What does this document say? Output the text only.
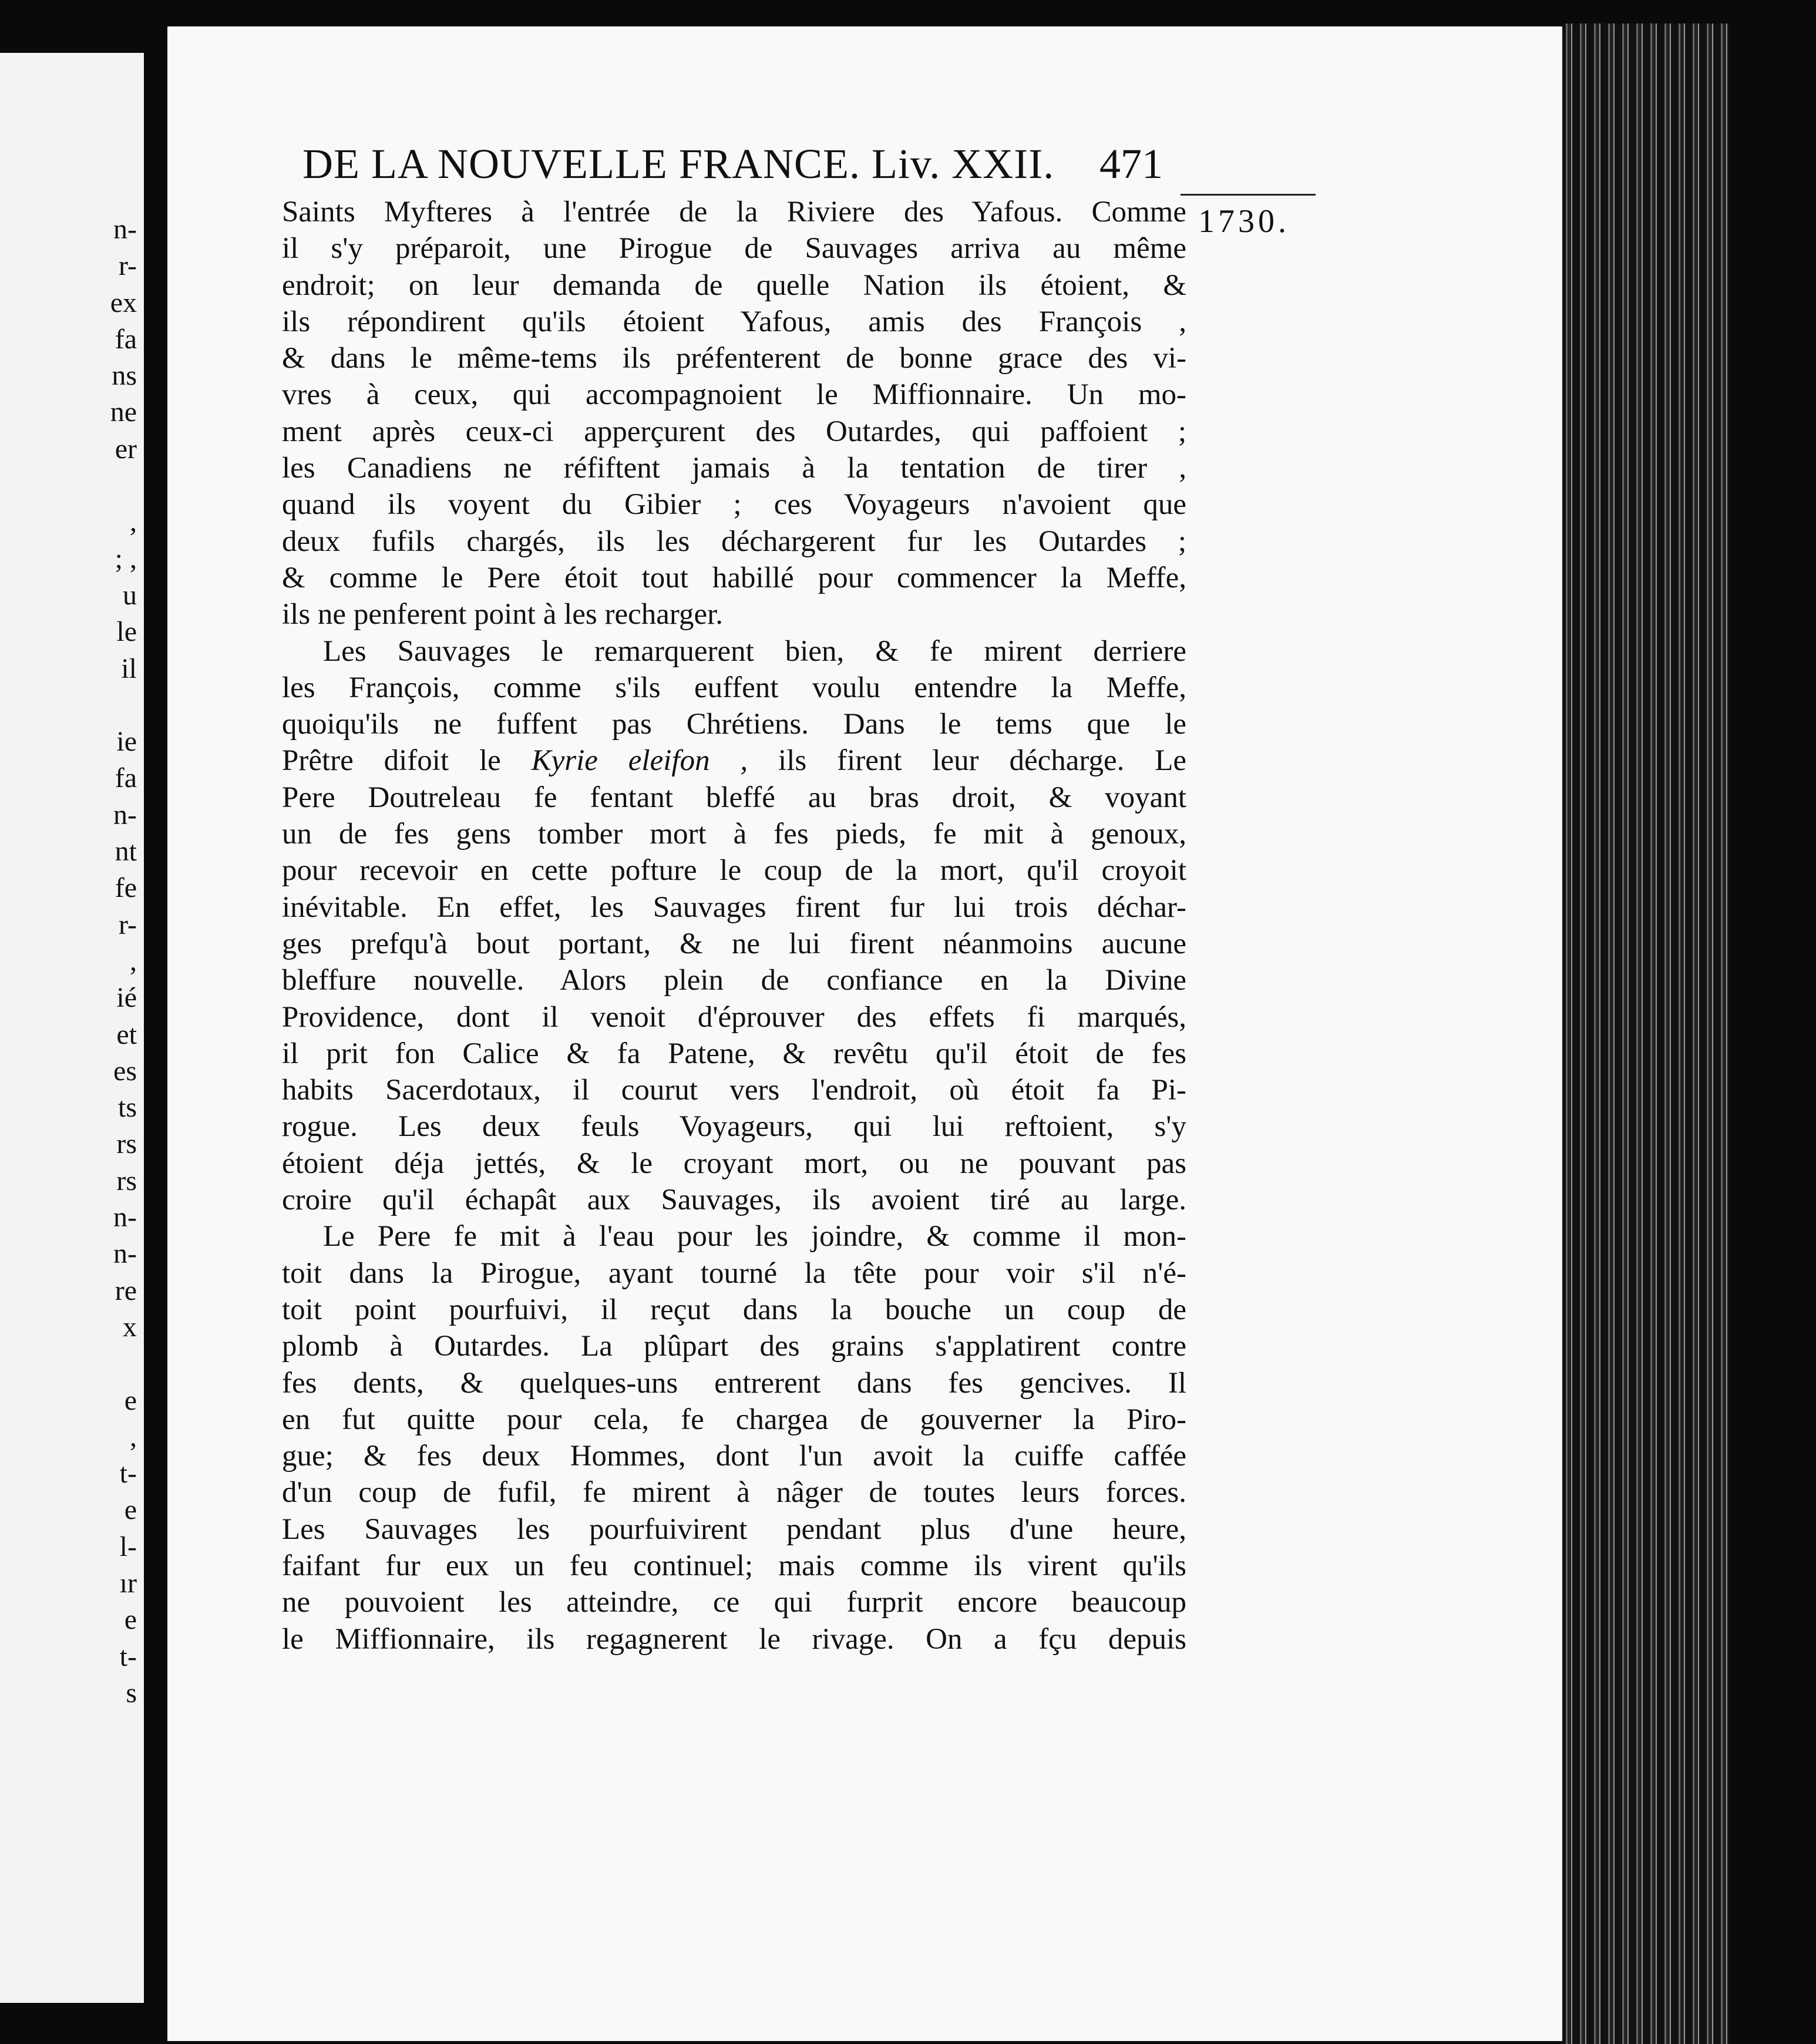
n-
r-
ex
fa
ns
ne
er
,
; ,
u
le
il
ie
fa
n-
nt
fe
r-
,
ié
et
es
ts
rs
rs
n-
n-
re
x
e
,
t-
e
l-
ır
e
t-
s
DE LA NOUVELLE FRANCE. Liv. XXII. 471
1730.
Saints Myfteres à l'entrée de la Riviere des Yafous. Comme
il s'y préparoit, une Pirogue de Sauvages arriva au même
endroit; on leur demanda de quelle Nation ils étoient, &
ils répondirent qu'ils étoient Yafous, amis des François ,
& dans le même-tems ils préfenterent de bonne grace des vi-
vres à ceux, qui accompagnoient le Miffionnaire. Un mo-
ment après ceux-ci apperçurent des Outardes, qui paffoient ;
les Canadiens ne réfiftent jamais à la tentation de tirer ,
quand ils voyent du Gibier ; ces Voyageurs n'avoient que
deux fufils chargés, ils les déchargerent fur les Outardes ;
& comme le Pere étoit tout habillé pour commencer la Meffe,
ils ne penferent point à les recharger.
Les Sauvages le remarquerent bien, & fe mirent derriere
les François, comme s'ils euffent voulu entendre la Meffe,
quoiqu'ils ne fuffent pas Chrétiens. Dans le tems que le
Prêtre difoit le Kyrie eleifon , ils firent leur décharge. Le
Pere Doutreleau fe fentant bleffé au bras droit, & voyant
un de fes gens tomber mort à fes pieds, fe mit à genoux,
pour recevoir en cette pofture le coup de la mort, qu'il croyoit
inévitable. En effet, les Sauvages firent fur lui trois déchar-
ges prefqu'à bout portant, & ne lui firent néanmoins aucune
bleffure nouvelle. Alors plein de confiance en la Divine
Providence, dont il venoit d'éprouver des effets fi marqués,
il prit fon Calice & fa Patene, & revêtu qu'il étoit de fes
habits Sacerdotaux, il courut vers l'endroit, où étoit fa Pi-
rogue. Les deux feuls Voyageurs, qui lui reftoient, s'y
étoient déja jettés, & le croyant mort, ou ne pouvant pas
croire qu'il échapât aux Sauvages, ils avoient tiré au large.
Le Pere fe mit à l'eau pour les joindre, & comme il mon-
toit dans la Pirogue, ayant tourné la tête pour voir s'il n'é-
toit point pourfuivi, il reçut dans la bouche un coup de
plomb à Outardes. La plûpart des grains s'applatirent contre
fes dents, & quelques-uns entrerent dans fes gencives. Il
en fut quitte pour cela, fe chargea de gouverner la Piro-
gue; & fes deux Hommes, dont l'un avoit la cuiffe caffée
d'un coup de fufil, fe mirent à nâger de toutes leurs forces.
Les Sauvages les pourfuivirent pendant plus d'une heure,
faifant fur eux un feu continuel; mais comme ils virent qu'ils
ne pouvoient les atteindre, ce qui furprit encore beaucoup
le Miffionnaire, ils regagnerent le rivage. On a fçu depuis
